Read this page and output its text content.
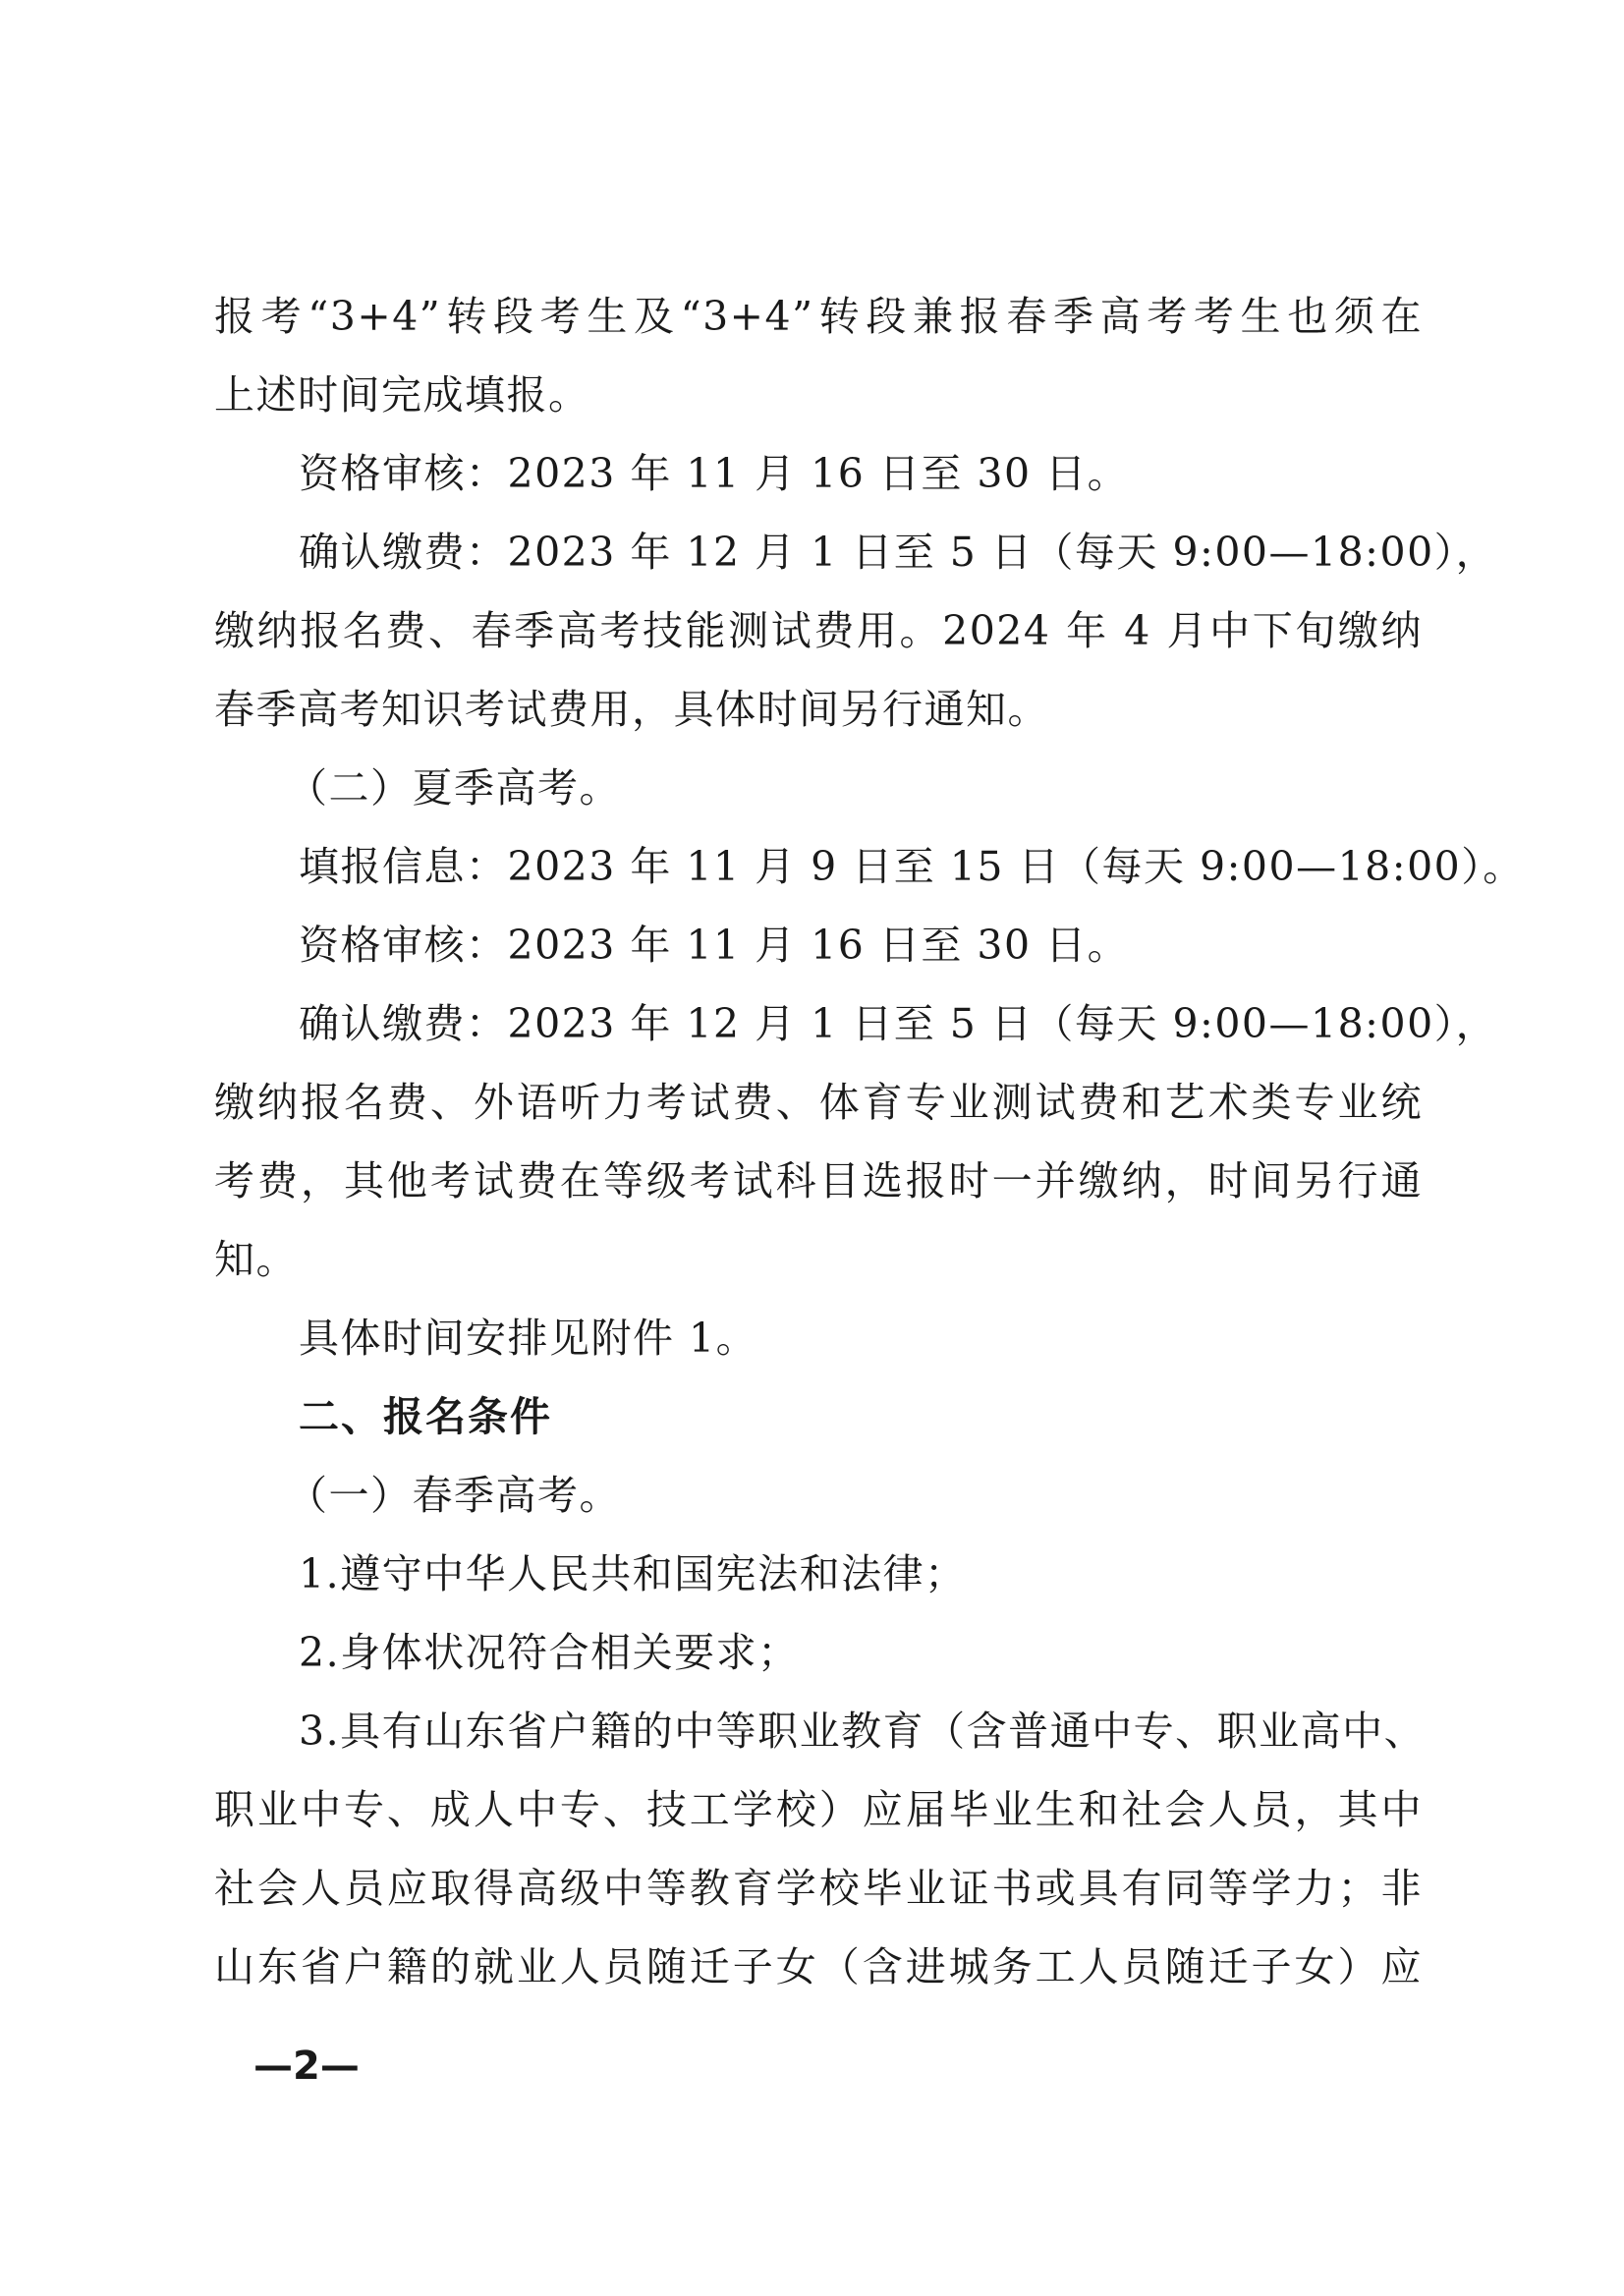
报考“3+4”转段考生及“3+4”转段兼报春季高考考生也须在
上述时间完成填报。
资格审核：2023 年 11 月 16 日至 30 日。
确认缴费：2023 年 12 月 1 日至 5 日（每天 9:00—18:00），
缴纳报名费、春季高考技能测试费用。2024 年 4 月中下旬缴纳
春季高考知识考试费用，具体时间另行通知。
（二）夏季高考。
填报信息：2023 年 11 月 9 日至 15 日（每天 9:00—18:00）。
资格审核：2023 年 11 月 16 日至 30 日。
确认缴费：2023 年 12 月 1 日至 5 日（每天 9:00—18:00），
缴纳报名费、外语听力考试费、体育专业测试费和艺术类专业统
考费，其他考试费在等级考试科目选报时一并缴纳，时间另行通
知。
具体时间安排见附件 1。
二、报名条件
（一）春季高考。
1.遵守中华人民共和国宪法和法律；
2.身体状况符合相关要求；
3.具有山东省户籍的中等职业教育（含普通中专、职业高中、
职业中专、成人中专、技工学校）应届毕业生和社会人员，其中
社会人员应取得高级中等教育学校毕业证书或具有同等学力；非
山东省户籍的就业人员随迁子女（含进城务工人员随迁子女）应
—2—
